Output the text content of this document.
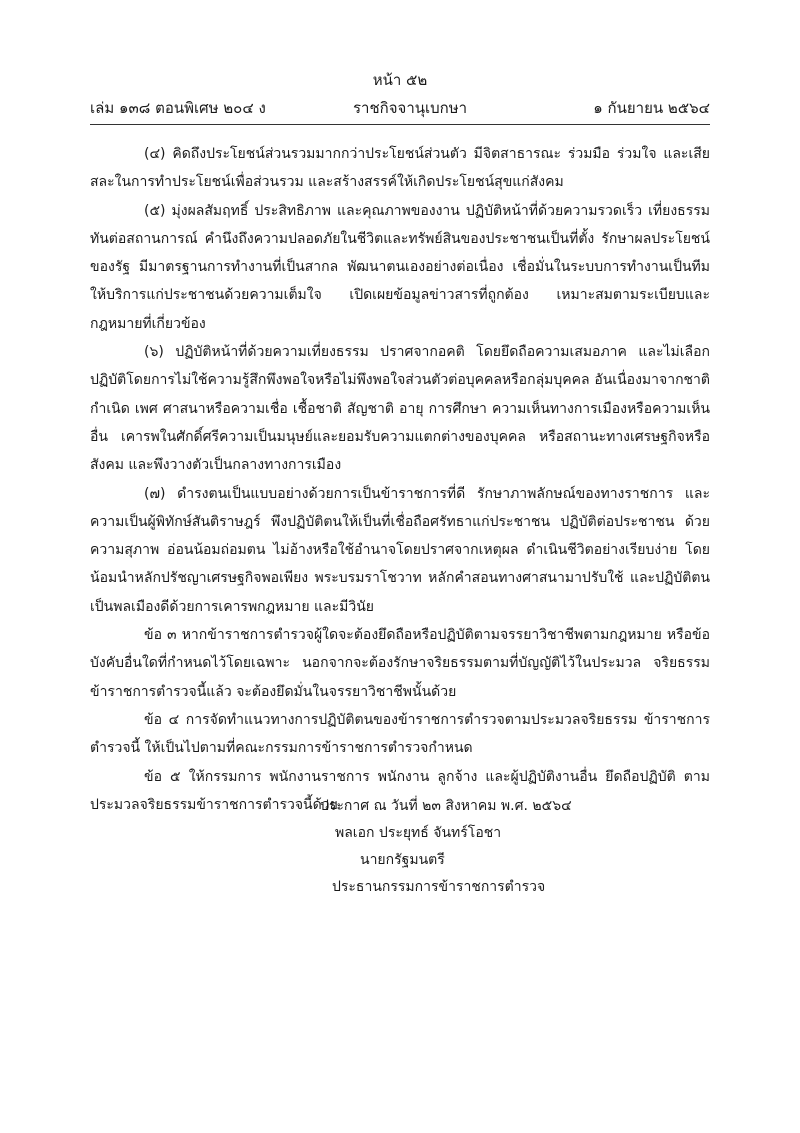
หน้า ๕๒
เล่ม ๑๓๘ ตอนพิเศษ ๒๐๔ ง	ราชกิจจานุเบกษา	๑ กันยายน ๒๕๖๔

(๔) คิดถึงประโยชน์ส่วนรวมมากกว่าประโยชน์ส่วนตัว มีจิตสาธารณะ ร่วมมือ ร่วมใจ และเสียสละในการทำประโยชน์เพื่อส่วนรวม และสร้างสรรค์ให้เกิดประโยชน์สุขแก่สังคม

(๕) มุ่งผลสัมฤทธิ์ ประสิทธิภาพ และคุณภาพของงาน ปฏิบัติหน้าที่ด้วยความรวดเร็ว เที่ยงธรรม ทันต่อสถานการณ์ คำนึงถึงความปลอดภัยในชีวิตและทรัพย์สินของประชาชนเป็นที่ตั้ง รักษาผลประโยชน์ของรัฐ มีมาตรฐานการทำงานที่เป็นสากล พัฒนาตนเองอย่างต่อเนื่อง เชื่อมั่นในระบบการทำงานเป็นทีม ให้บริการแก่ประชาชนด้วยความเต็มใจ เปิดเผยข้อมูลข่าวสารที่ถูกต้อง เหมาะสมตามระเบียบและกฎหมายที่เกี่ยวข้อง

(๖) ปฏิบัติหน้าที่ด้วยความเที่ยงธรรม ปราศจากอคติ โดยยึดถือความเสมอภาค และไม่เลือกปฏิบัติโดยการไม่ใช้ความรู้สึกพึงพอใจหรือไม่พึงพอใจส่วนตัวต่อบุคคลหรือกลุ่มบุคคล อันเนื่องมาจากชาติกำเนิด เพศ ศาสนาหรือความเชื่อ เชื้อชาติ สัญชาติ อายุ การศึกษา ความเห็นทางการเมืองหรือความเห็นอื่น เคารพในศักดิ์ศรีความเป็นมนุษย์และยอมรับความแตกต่างของบุคคล หรือสถานะทางเศรษฐกิจหรือสังคม และพึงวางตัวเป็นกลางทางการเมือง

(๗) ดำรงตนเป็นแบบอย่างด้วยการเป็นข้าราชการที่ดี รักษาภาพลักษณ์ของทางราชการ และความเป็นผู้พิทักษ์สันติราษฎร์ พึงปฏิบัติตนให้เป็นที่เชื่อถือศรัทธาแก่ประชาชน ปฏิบัติต่อประชาชน ด้วยความสุภาพ อ่อนน้อมถ่อมตน ไม่อ้างหรือใช้อำนาจโดยปราศจากเหตุผล ดำเนินชีวิตอย่างเรียบง่าย โดยน้อมนำหลักปรัชญาเศรษฐกิจพอเพียง พระบรมราโชวาท หลักคำสอนทางศาสนามาปรับใช้ และปฏิบัติตนเป็นพลเมืองดีด้วยการเคารพกฎหมาย และมีวินัย

ข้อ ๓ หากข้าราชการตำรวจผู้ใดจะต้องยึดถือหรือปฏิบัติตามจรรยาวิชาชีพตามกฎหมาย หรือข้อบังคับอื่นใดที่กำหนดไว้โดยเฉพาะ นอกจากจะต้องรักษาจริยธรรมตามที่บัญญัติไว้ในประมวล จริยธรรมข้าราชการตำรวจนี้แล้ว จะต้องยึดมั่นในจรรยาวิชาชีพนั้นด้วย

ข้อ ๔ การจัดทำแนวทางการปฏิบัติตนของข้าราชการตำรวจตามประมวลจริยธรรม ข้าราชการตำรวจนี้ ให้เป็นไปตามที่คณะกรรมการข้าราชการตำรวจกำหนด

ข้อ ๕ ให้กรรมการ พนักงานราชการ พนักงาน ลูกจ้าง และผู้ปฏิบัติงานอื่น ยึดถือปฏิบัติ ตามประมวลจริยธรรมข้าราชการตำรวจนี้ด้วย

ประกาศ ณ วันที่ ๒๓ สิงหาคม พ.ศ. ๒๕๖๔
พลเอก ประยุทธ์ จันทร์โอชา
นายกรัฐมนตรี
ประธานกรรมการข้าราชการตำรวจ
